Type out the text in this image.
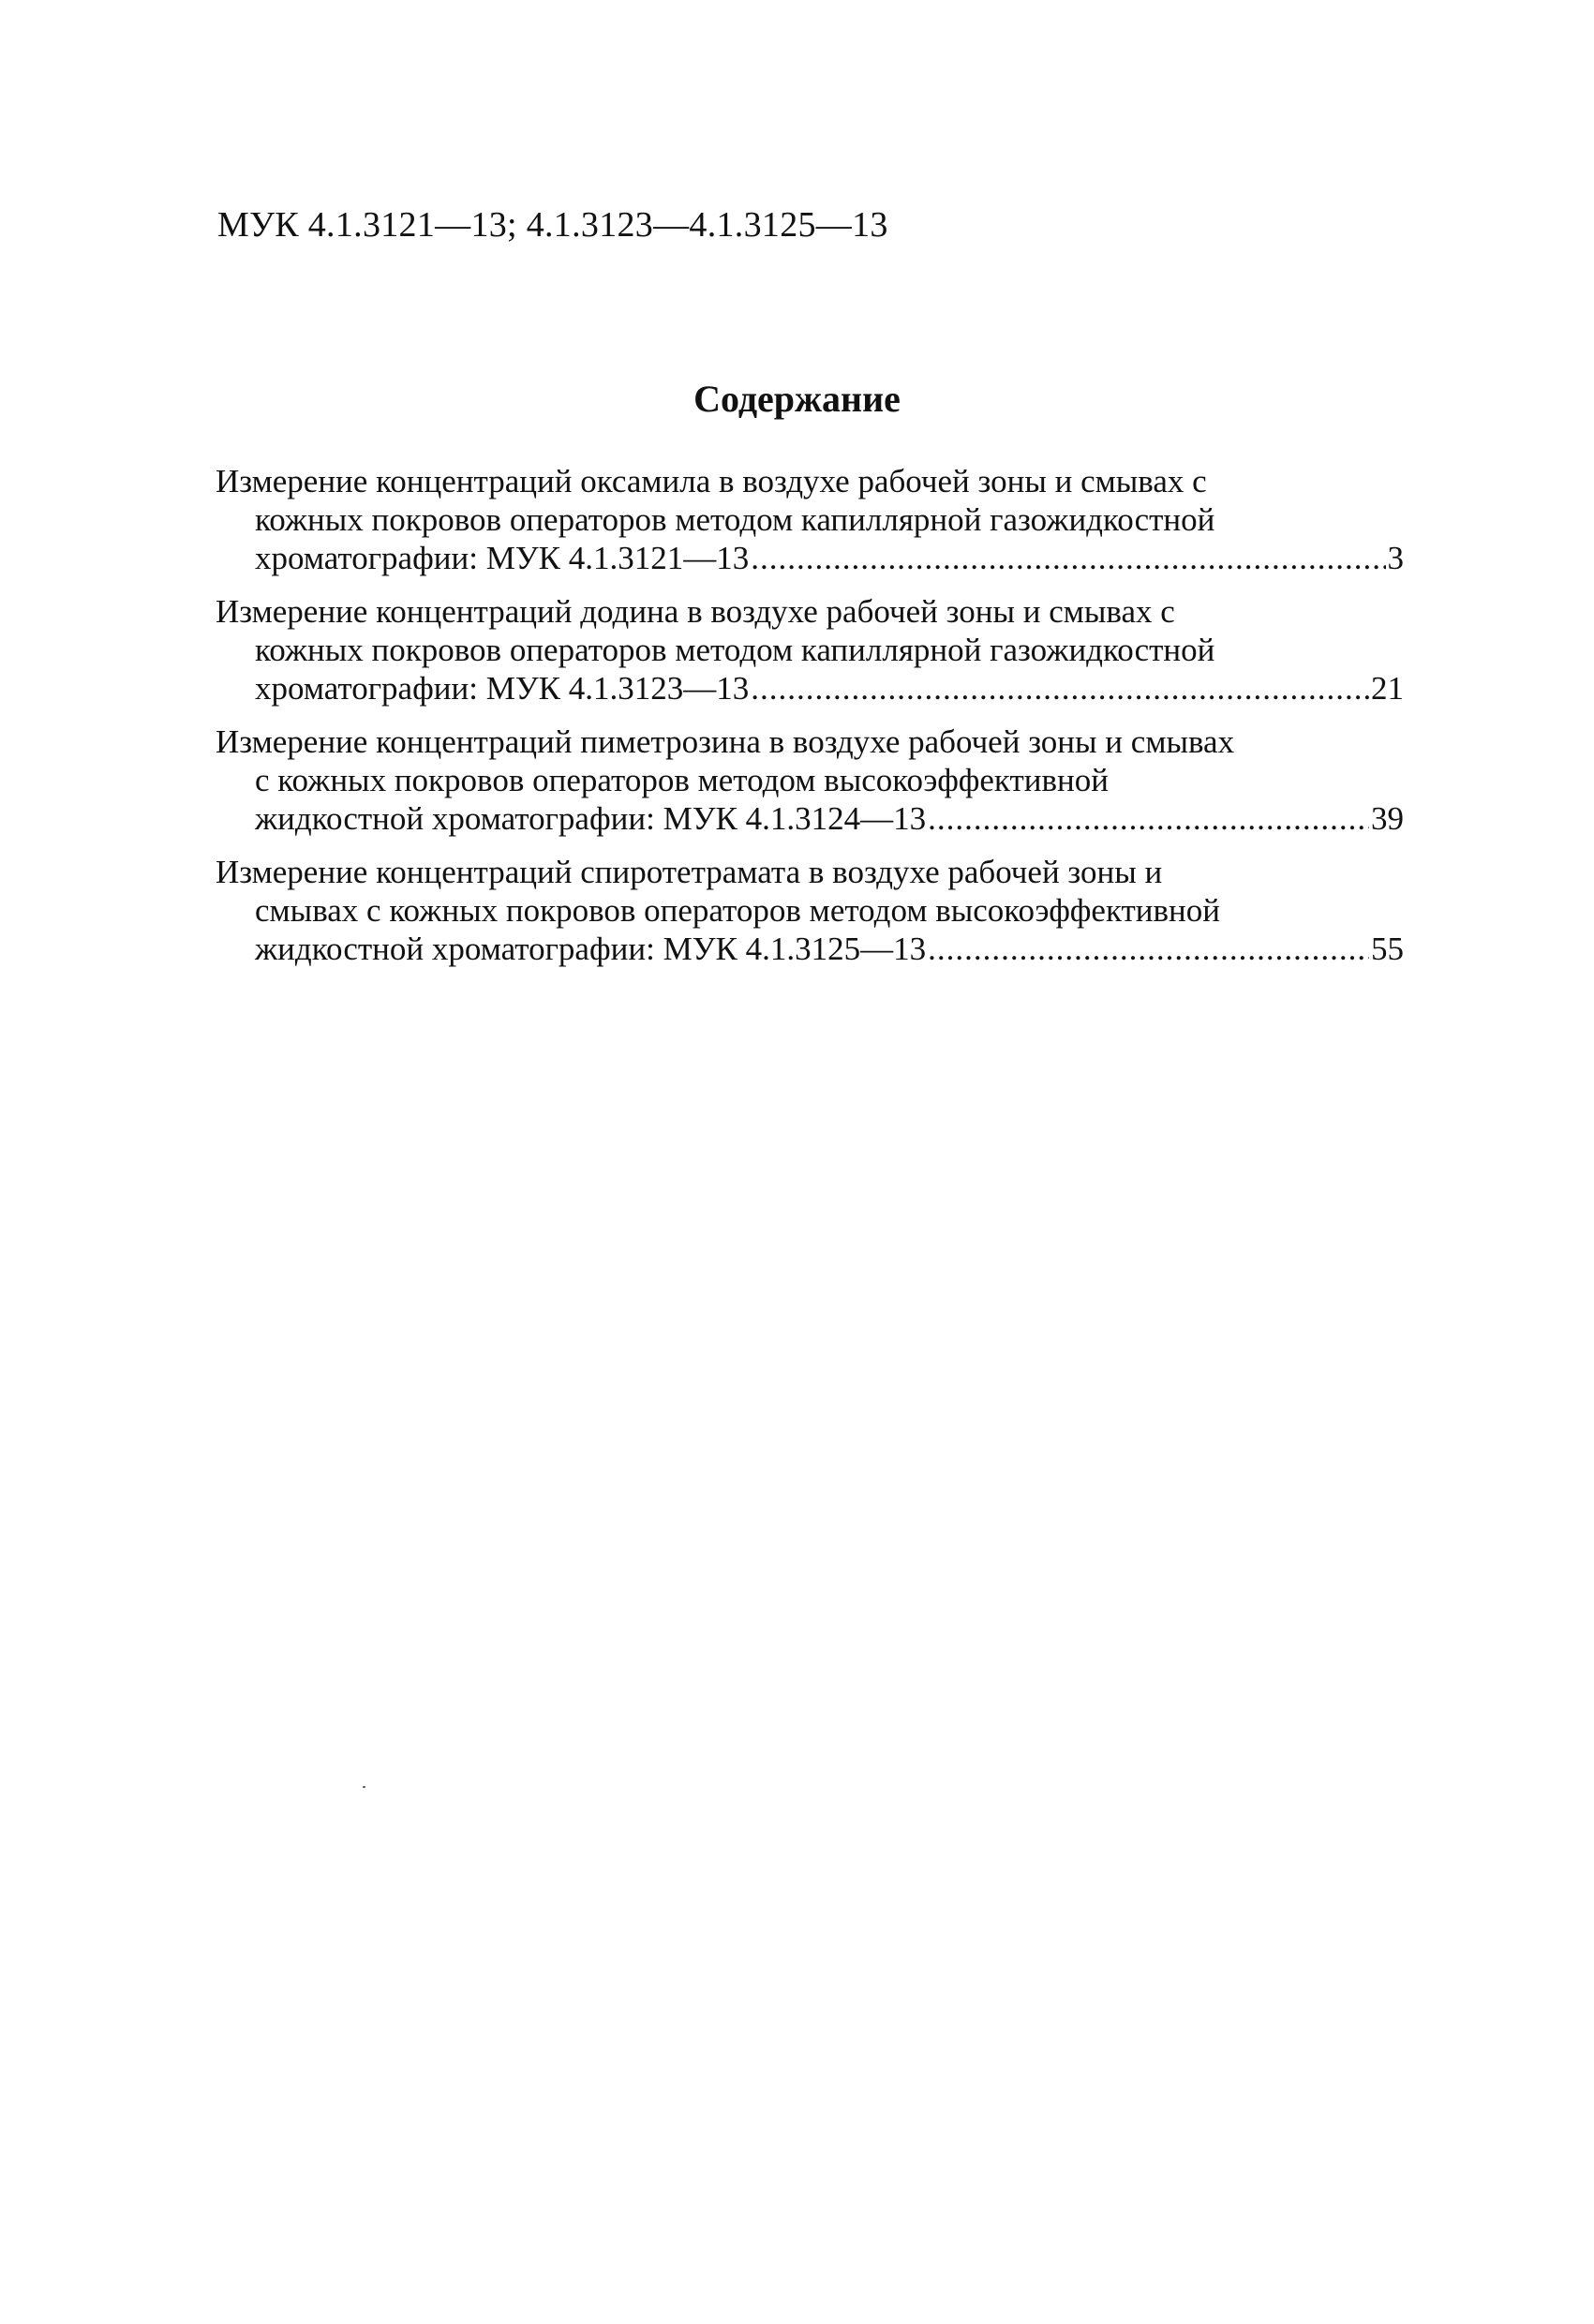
МУК 4.1.3121—13; 4.1.3123—4.1.3125—13
Содержание
Измерение концентраций оксамила в воздухе рабочей зоны и смывах с
кожных покровов операторов методом капиллярной газожидкостной
хроматографии: МУК 4.1.3121—13 .....	3
Измерение концентраций додина в воздухе рабочей зоны и смывах с
кожных покровов операторов методом капиллярной газожидкостной
хроматографии: МУК 4.1.3123—13 .....	21
Измерение концентраций пиметрозина в воздухе рабочей зоны и смывах
с кожных покровов операторов методом высокоэффективной
жидкостной хроматографии: МУК 4.1.3124—13 .....	39
Измерение концентраций спиротетрамата в воздухе рабочей зоны и
смывах с кожных покровов операторов методом высокоэффективной
жидкостной хроматографии: МУК 4.1.3125—13 .....	55
